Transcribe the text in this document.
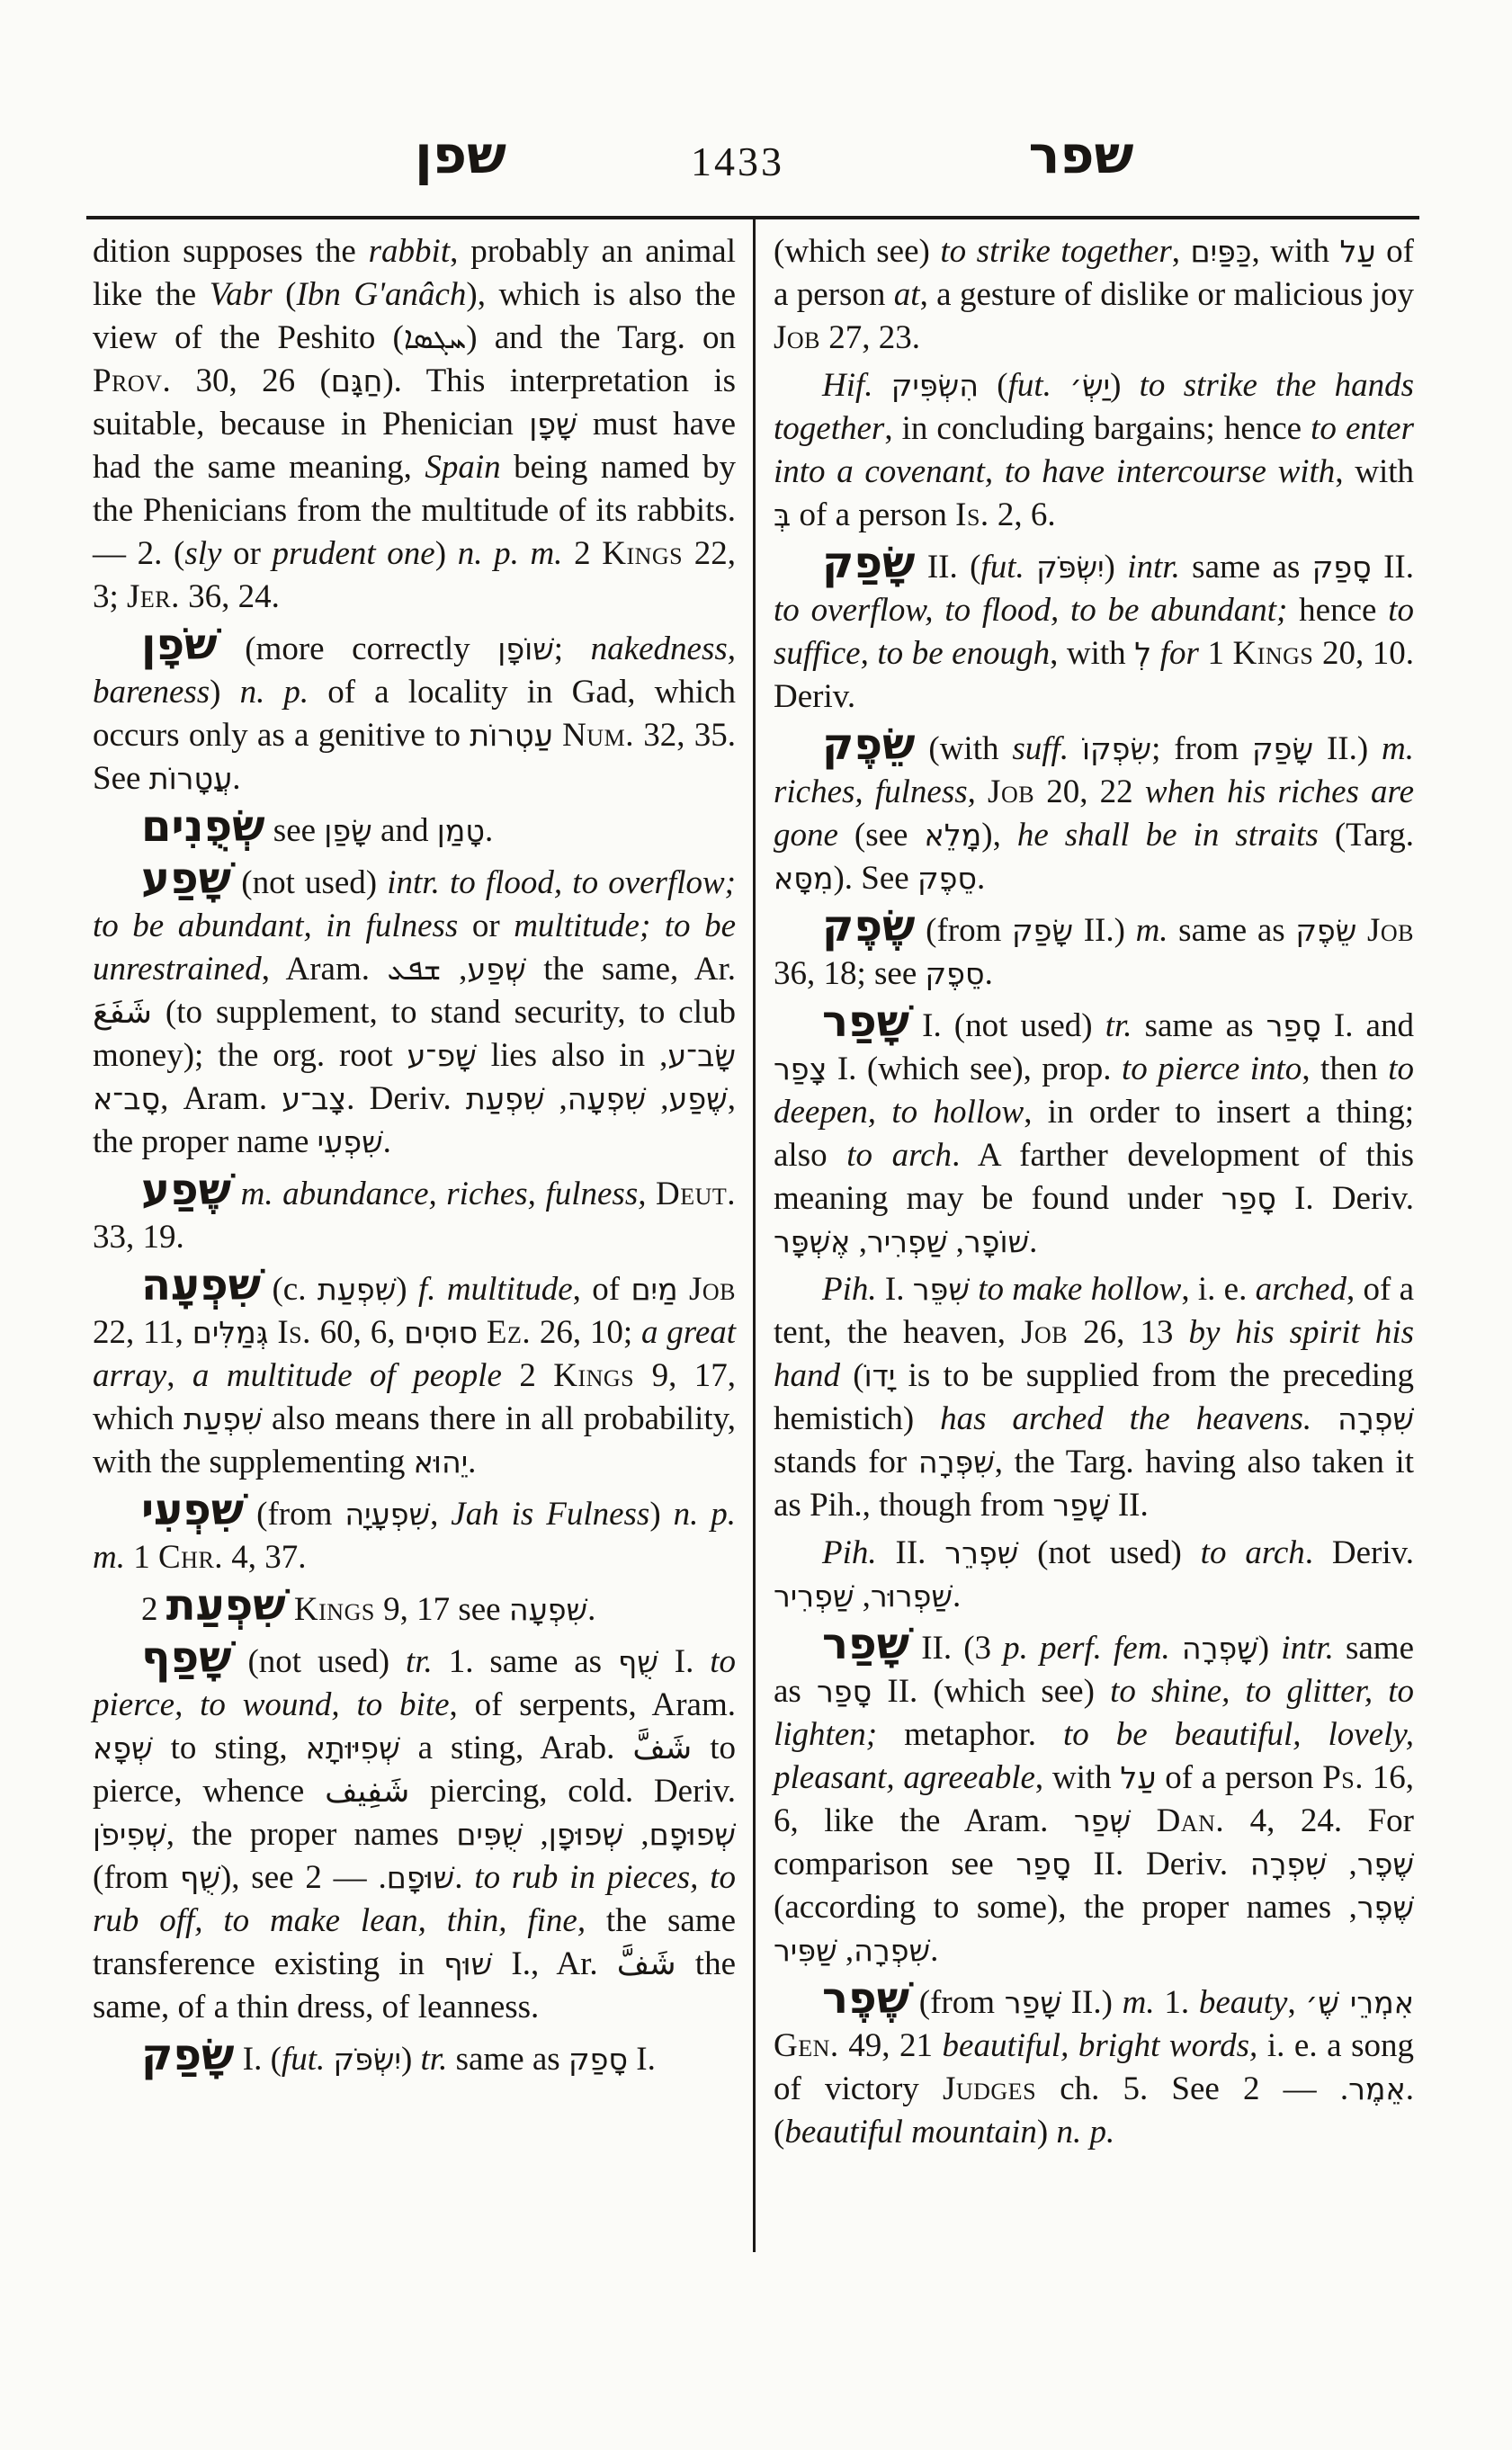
שפן	1433	שפר

dition supposes the rabbit, probably an animal like the Vabr (Ibn G'anâch), which is also the view of the Peshito (ܚܓܣܐ) and the Targ. on Prov. 30, 26 (חַגָּם). This interpretation is suitable, because in Phenician שָׁפָן must have had the same meaning, Spain being named by the Phenicians from the multitude of its rabbits. — 2. (sly or prudent one) n. p. m. 2 Kings 22, 3; Jer. 36, 24.

שֹׁפָן (more correctly שׁוֹפָן; nakedness, bareness) n. p. of a locality in Gad, which occurs only as a genitive to עַטְרוֹת Num. 32, 35. See עֲטָרוֹת.

שְׂפֻנִים see שָׂפַן and טָמַן.

שָׁפַע (not used) intr. to flood, to overflow; to be abundant, in fulness or multitude; to be unrestrained, Aram.	שְׁפַע, ܫܦܥ	the same, Ar. شَفَعَ (to supplement, to stand security, to club money); the org. root שָׁפ־ע lies also in שָׂב־ע, סָב־א, Aram. צָב־ע. Deriv.	שֶׁפַע, שִׁפְעָה, שִׁפְעַת	, the proper name שִׁפְעִי.

שֶׁפַע m. abundance, riches, fulness, Deut. 33, 19.

שִׁפְעָה (c. שִׁפְעַת) f. multitude, of מַיִם Job 22, 11, גְּמַלִּים Is. 60, 6, סוּסִים Ez. 26, 10; a great array, a multitude of people 2 Kings 9, 17, which שִׁפְעַת also means there in all probability, with the supplementing יֵהוּא.

שִׁפְעִי (from שִׁפְעָיָה, Jah is Fulness) n. p. m. 1 Chr. 4, 37.

שִׁפְעַת 2 Kings 9, 17 see שִׁפְעָה.

שָׁפַף (not used) tr. 1. same as שֻׁף I. to pierce, to wound, to bite, of serpents, Aram. שְׁפָא to sting, שְׁפִיּוּתָא a sting, Arab. شَفَّ to pierce, whence شَفِيف piercing, cold. Deriv. שְׁפִיפֹן, the proper names	שְׁפוּפָם, שְׁפוּפָן, שֻׁפִּים (from שֻׁף), see	שׁוּפָם. — 2. to rub in pieces, to rub off, to make lean, thin, fine, the same transference existing in שׁוּף I., Ar. شَفَّ the same, of a thin dress, of leanness.

שָׂפַק I. (fut. יִשְׂפֹּק) tr. same as סָפַק I.

(which see) to strike together, כַּפַּיִם, with עַל of a person at, a gesture of dislike or malicious joy Job 27, 23.

Hif. הִשְׂפִּיק (fut. יַשְׂ׳) to strike the hands together, in concluding bargains; hence to enter into a covenant, to have intercourse with, with בְּ of a person Is. 2, 6.

שָׂפַק II. (fut. יִשְׂפֹּק) intr. same as סָפַק II. to overflow, to flood, to be abundant; hence to suffice, to be enough, with לְ for 1 Kings 20, 10. Deriv.

שֵׂפֶק (with suff. שִׂפְקוֹ; from שָׂפַק II.) m. riches, fulness, Job 20, 22 when his riches are gone (see מָלֵא), he shall be in straits (Targ. מִסָּא). See סֵפֶק.

שֶׂפֶק (from שָׂפַק II.) m. same as שֵׂפֶק Job 36, 18; see סֵפֶק.

שָׁפַר I. (not used) tr. same as סָפַר I. and צָפַר I. (which see), prop. to pierce into, then to deepen, to hollow, in order to insert a thing; also to arch. A farther development of this meaning may be found under סָפַר I. Deriv. שׁוֹפָר, שַׁפְרִיר, אֶשְׁפָּר	.

Pih. I. שִׁפֵּר to make hollow, i. e. arched, of a tent, the heaven, Job 26, 13 by his spirit his hand (יָדוֹ is to be supplied from the preceding hemistich) has arched the heavens. שִׁפְרָה stands for שִׁפְּרָה, the Targ. having also taken it as Pih., though from שָׁפַר II.

Pih. II. שִׁפְרֵר (not used) to arch. Deriv. שַׁפְרוּר, שַׁפְרִיר	.

שָׁפַר II. (3 p. perf. fem. שָׁפְרָה) intr. same as סָפַר II. (which see) to shine, to glitter, to lighten; metaphor. to be beautiful, lovely, pleasant, agreeable, with עַל of a person Ps. 16, 6, like the Aram. שְׁפַר Dan. 4, 24. For comparison see סָפַר II. Deriv.	שֶׁפֶר, שִׁפְרָה (according to some), the proper names שֶׁפֶר, שִׁפְרָה, שַׁפִּיר	.

שֶׁפֶר (from שָׁפַר II.) m. 1. beauty, אִמְרֵי שֶׁ׳ Gen. 49, 21 beautiful, bright words, i. e. a song of victory Judges ch. 5. See	אֵמֶר. — 2. (beautiful mountain) n. p.
